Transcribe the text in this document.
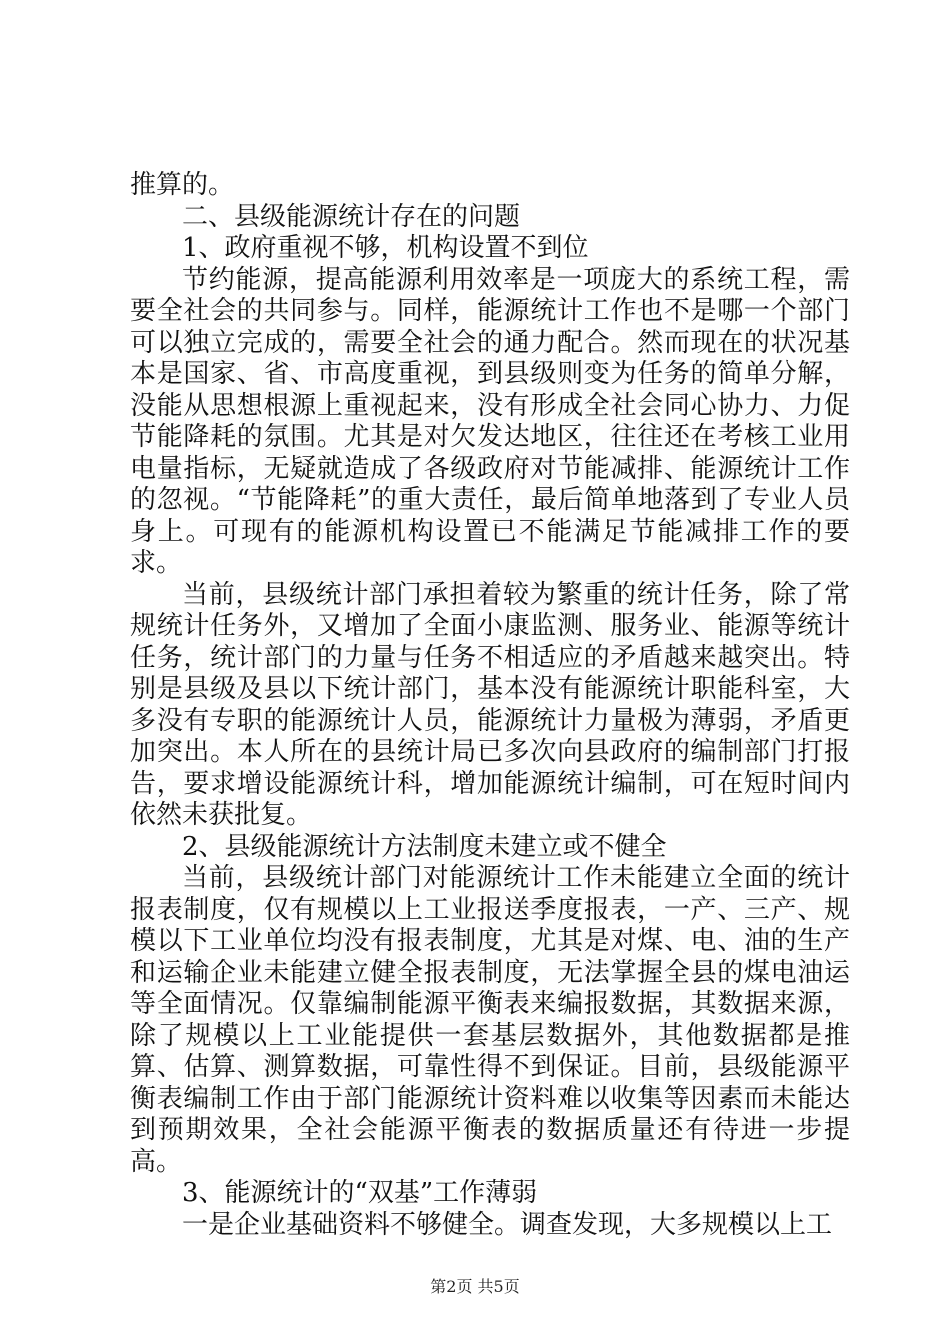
推算的。

二、县级能源统计存在的问题

1、政府重视不够，机构设置不到位

节约能源，提高能源利用效率是一项庞大的系统工程，需要全社会的共同参与。同样，能源统计工作也不是哪一个部门可以独立完成的，需要全社会的通力配合。然而现在的状况基本是国家、省、市高度重视，到县级则变为任务的简单分解，没能从思想根源上重视起来，没有形成全社会同心协力、力促节能降耗的氛围。尤其是对欠发达地区，往往还在考核工业用电量指标，无疑就造成了各级政府对节能减排、能源统计工作的忽视。“节能降耗”的重大责任，最后简单地落到了专业人员身上。可现有的能源机构设置已不能满足节能减排工作的要求。

当前，县级统计部门承担着较为繁重的统计任务，除了常规统计任务外，又增加了全面小康监测、服务业、能源等统计任务，统计部门的力量与任务不相适应的矛盾越来越突出。特别是县级及县以下统计部门，基本没有能源统计职能科室，大多没有专职的能源统计人员，能源统计力量极为薄弱，矛盾更加突出。本人所在的县统计局已多次向县政府的编制部门打报告，要求增设能源统计科，增加能源统计编制，可在短时间内依然未获批复。

2、县级能源统计方法制度未建立或不健全

当前，县级统计部门对能源统计工作未能建立全面的统计报表制度，仅有规模以上工业报送季度报表，一产、三产、规模以下工业单位均没有报表制度，尤其是对煤、电、油的生产和运输企业未能建立健全报表制度，无法掌握全县的煤电油运等全面情况。仅靠编制能源平衡表来编报数据，其数据来源，除了规模以上工业能提供一套基层数据外，其他数据都是推算、估算、测算数据，可靠性得不到保证。目前，县级能源平衡表编制工作由于部门能源统计资料难以收集等因素而未能达到预期效果，全社会能源平衡表的数据质量还有待进一步提高。

3、能源统计的“双基”工作薄弱

一是企业基础资料不够健全。调查发现，大多规模以上工

第2页 共5页
